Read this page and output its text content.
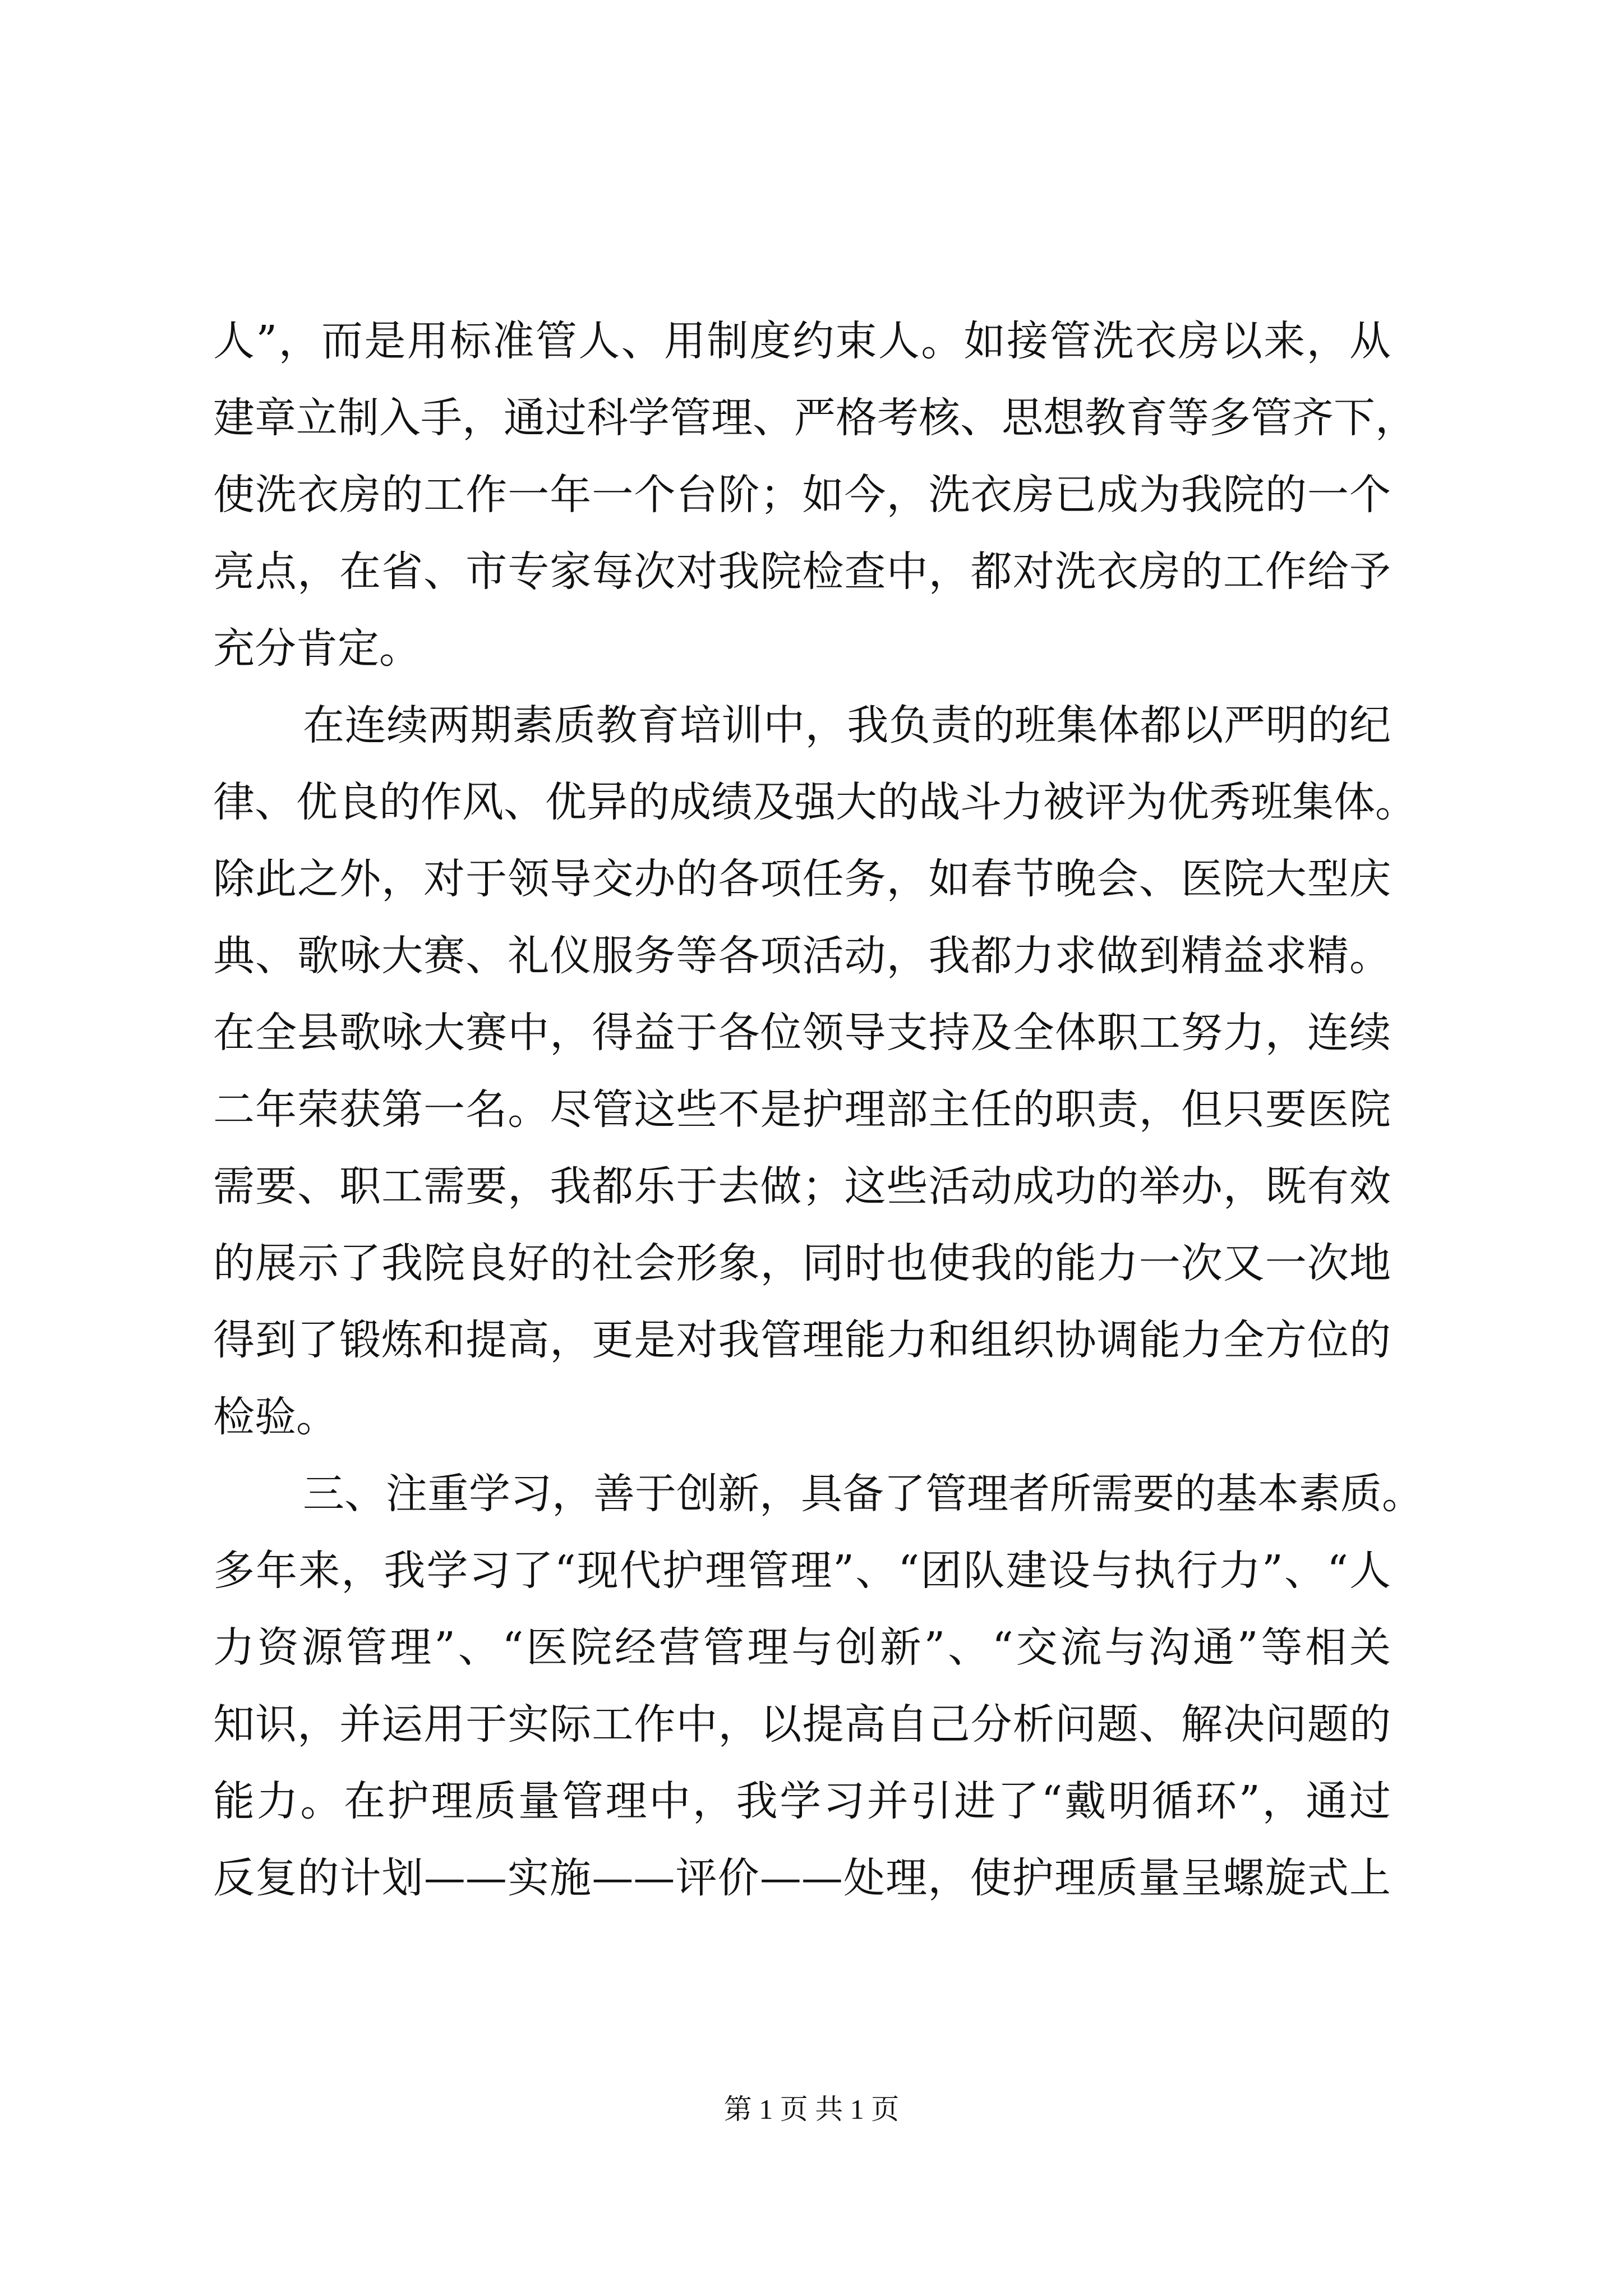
人”，而是用标准管人、用制度约束人。如接管洗衣房以来，从
建章立制入手，通过科学管理、严格考核、思想教育等多管齐下，
使洗衣房的工作一年一个台阶；如今，洗衣房已成为我院的一个
亮点，在省、市专家每次对我院检查中，都对洗衣房的工作给予
充分肯定。
在连续两期素质教育培训中，我负责的班集体都以严明的纪
律、优良的作风、优异的成绩及强大的战斗力被评为优秀班集体。
除此之外，对于领导交办的各项任务，如春节晚会、医院大型庆
典、歌咏大赛、礼仪服务等各项活动，我都力求做到精益求精。
在全县歌咏大赛中，得益于各位领导支持及全体职工努力，连续
二年荣获第一名。尽管这些不是护理部主任的职责，但只要医院
需要、职工需要，我都乐于去做；这些活动成功的举办，既有效
的展示了我院良好的社会形象，同时也使我的能力一次又一次地
得到了锻炼和提高，更是对我管理能力和组织协调能力全方位的
检验。
三、注重学习，善于创新，具备了管理者所需要的基本素质。
多年来，我学习了“现代护理管理”、“团队建设与执行力”、“人
力资源管理”、“医院经营管理与创新”、“交流与沟通”等相关
知识，并运用于实际工作中，以提高自己分析问题、解决问题的
能力。在护理质量管理中，我学习并引进了“戴明循环”，通过
反复的计划——实施——评价——处理，使护理质量呈螺旋式上
第 1 页 共 1 页
